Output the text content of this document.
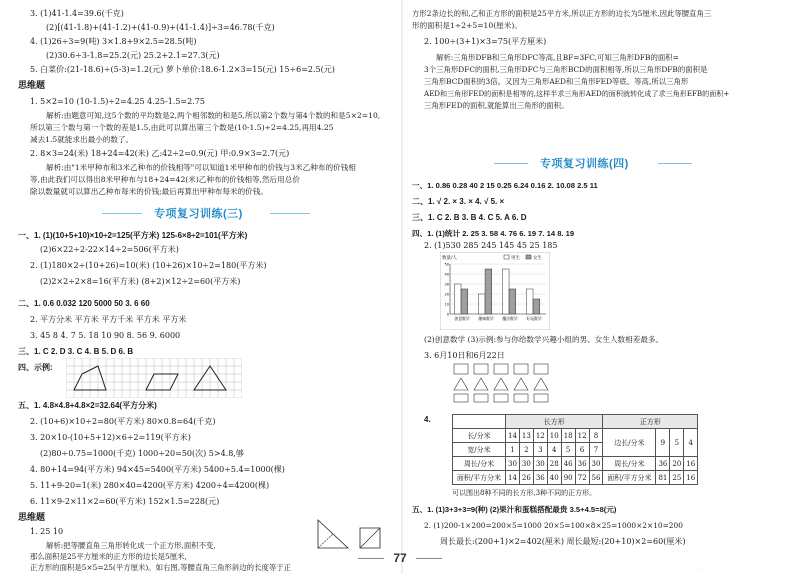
3. (1)41-1.4=39.6(千克)
(2)[(41-1.8)+(41-1.2)+(41-0.9)+(41-1.4)]÷3=46.78(千克)
4. (1)26÷3=9(吨) 3×1.8+9×2.5=28.5(吨)
(2)30.6÷3-1.8=25.2(元) 25.2+2.1=27.3(元)
5. 白菜价:(21-18.6)÷(5-3)=1.2(元) 萝卜单价:18.6-1.2×3=15(元) 15÷6=2.5(元)
思维题
1. 5×2=10 (10-1.5)÷2=4.25 4.25-1.5=2.75
解析:由题意可知,这5个数的平均数是2,两个相邻数的和是5,所以第2个数与第4个数的和是5×2=10,
所以第三个数与第一个数的差是1.5,由此可以算出第三个数是(10-1.5)÷2=4.25,再用4.25
减去1.5就能求出最小的数了。
2. 8×3=24(米) 18+24=42(米) 乙:42÷2=0.9(元) 甲:0.9×3=2.7(元)
解析:由"1米甲种布和3米乙种布的价钱相等"可以知道1米甲种布的价钱与3米乙种布的价钱相
等,由此我们可以得出8米甲种布与18+24=42(米)乙种布的价钱相等,然后用总价
除以数量就可以算出乙种布每米的价钱;最后再算出甲种布每米的价钱。
专项复习训练(三)
一、1. (1)(10+5+10)×10÷2=125(平方米) 125-6×8÷2=101(平方米)
(2)6×22÷2-22×14÷2=506(平方米)
2. (1)180×2÷(10+26)=10(米) (10+26)×10÷2=180(平方米)
(2)2×2÷2×8=16(平方米) (8+2)×12÷2=60(平方米)
二、1. 0.6 0.032 120 5000 50 3. 6 60
2. 平方分米 平方米 平方千米 平方米 平方米
3. 45 8 4. 7 5. 18 10 90 8. 56 9. 6000
三、1. C 2. D 3. C 4. B 5. D 6. B
四、示例:
五、1. 4.8×4.8+4.8×2=32.64(平方分米)
2. (10+6)×10÷2=80(平方米) 80×0.8=64(千克)
3. 20×10-(10+5+12)×6÷2=119(平方米)
(2)80÷0.75=1000(千克) 1000÷20=50(次) 5>4.8,够
4. 80+14=94(平方米) 94×45=5400(平方米) 5400÷5.4=1000(棵)
5. 11+9-20=1(米) 280×40=4200(平方米) 4200÷4=4200(棵)
6. 11×9-2×11×2=60(平方米) 152×1.5=228(元)
思维题
1. 25 10
解析:把等腰直角三角形转化成一个正方形,面积不变,
那么面积是25平方厘米的正方形的边长是5厘米,
正方形的面积是5×5=25(平方厘米)。如右图,等腰直角三角形斜边的长度等于正
方形2条边长的和,乙和正方形的面积是25平方米,所以正方形的边长为5厘米,因此等腰直角三
形的面积是1÷2+5=10(厘米)。
2. 100÷(3+1)×3=75(平方厘米)
解析:三角形DFB和三角形DFC等高,且BF=3FC,可知三角形DFB的面积=
3个三角形DFC的面积,三角形DFC与三角形BCD的面积相等,所以三角形DFB的面积是
三角形BCD面积的3倍。又因为三角形AED和三角形FED等底、等高,所以三角形
AED和三角形FED的面积是相等的,这样半求三角形AED的面积就转化成了求三角形EFB的面积+
三角形FED的面积,就能算出三角形的面积。
专项复习训练(四)
一、1. 0.86 0.28 40 2 15 0.25 6.24 0.16 2. 10.08 2.5 11
二、1. √ 2. × 3. × 4. √ 5. ×
三、1. C 2. B 3. B 4. C 5. A 6. D
四、1. (1)统计 2. 25 3. 58 4. 76 6. 19 7. 14 8. 19
2. (1)530 285 245 145 45 25 185
0
10
20
30
40
50
创意数学 趣味数学 魔法数学 好玩数学
男生	女生
数量/人
(2)创意数学 (3)示例:参与你给数学兴趣小组的男、女生人数相差最多。
3. 6月10日和6月22日
4.
		长方形							正方形			
长/分米	14	13	12	10	18	12	8	边长/分米	9	5	4
宽/分米	1	2	3	4	5	6	7				
周长/分米	30	30	30	28	46	36	30	周长/分米	36	20	16
面积/平方分米	14	26	36	40	90	72	56	面积/平方分米	81	25	16
可以围出8种不同的长方形,3种不同的正方形。
五、1. (1)3+3+3=9(种) (2)果汁和蛋糕搭配最贵 3.5+4.5=8(元)
2. (1)200-1×200=200×5=1000 20×5=100×8×25=1000×2×10=200
周长最长:(200+1)×2=402(厘米) 周长最短:(20+10)×2=60(厘米)
77
...
